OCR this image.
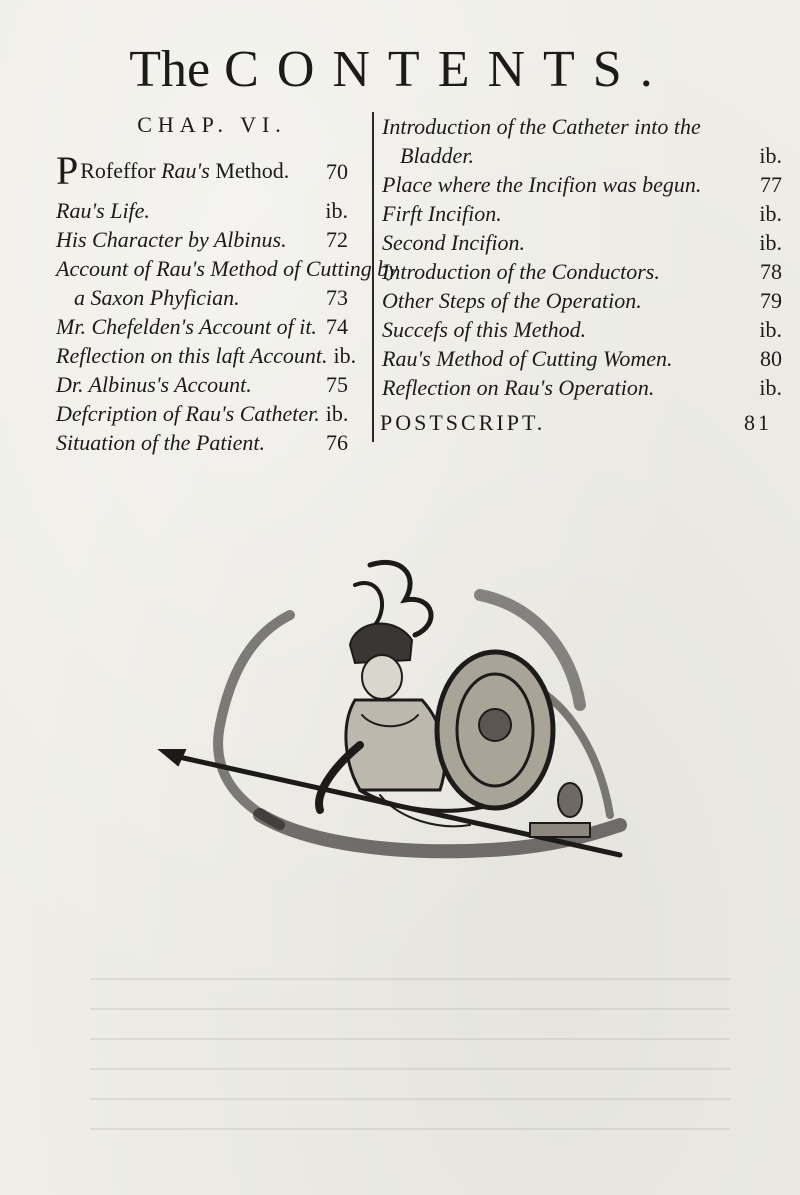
The CONTENTS.
CHAP. VI.
P Rofeffor Rau's Method. 70
Rau's Life.	ib.
His Character by Albinus. 72
Account of Rau's Method of Cutting by
a Saxon Phyfician.	73
Mr. Chefelden's Account of it. 74
Reflection on this laft Account. ib.
Dr. Albinus's Account.	75
Defcription of Rau's Catheter. ib.
Situation of the Patient.	76
Introduction of the Catheter into the
Bladder.	ib.
Place where the Incifion was begun.	77
Firft Incifion.	ib.
Second Incifion.	ib.
Introduction of the Conductors.	78
Other Steps of the Operation.	79
Succefs of this Method.	ib.
Rau's Method of Cutting Women.	80
Reflection on Rau's Operation.	ib.
POSTSCRIPT.	81
